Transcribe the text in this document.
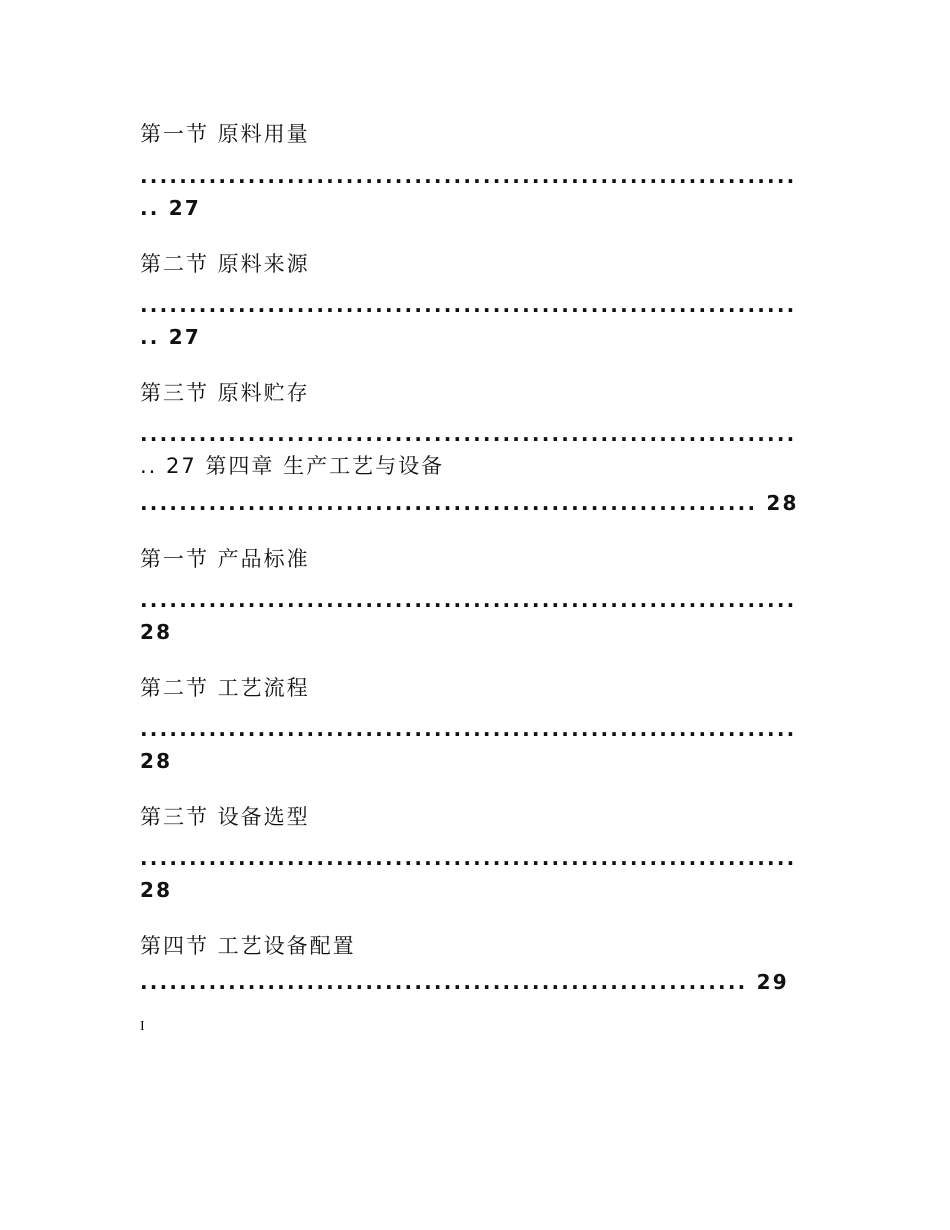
第一节 原料用量
...................................................................
.. 27
第二节 原料来源
...................................................................
.. 27
第三节 原料贮存
...................................................................
.. 27 第四章 生产工艺与设备
............................................................... 28
第一节 产品标准
...................................................................
28
第二节 工艺流程
...................................................................
28
第三节 设备选型
...................................................................
28
第四节 工艺设备配置
.............................................................. 29
I
